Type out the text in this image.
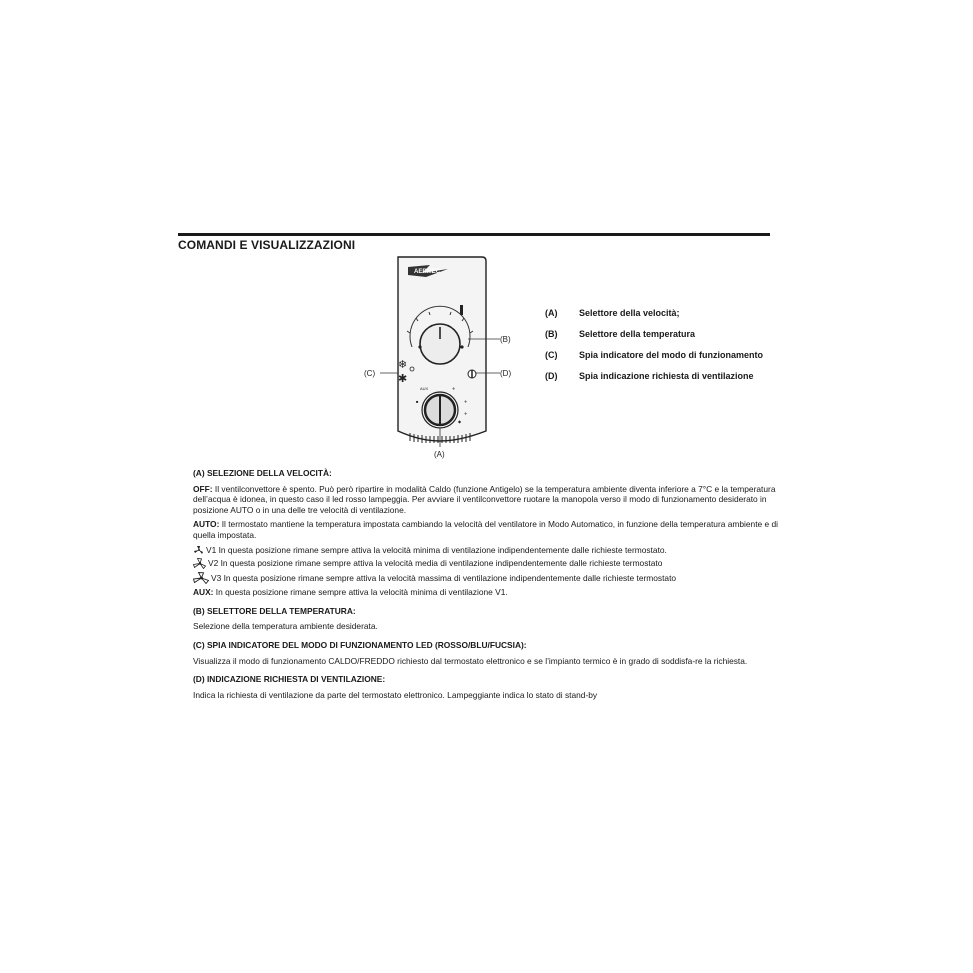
COMANDI E VISUALIZZAZIONI
AERMEC
(B)
❄
✱
(C)	(D)
AUX	✈
✈
✈
■
◆
(A)
(A)	Selettore della velocità;
(B)	Selettore della temperatura
(C)	Spia indicatore del modo di funzionamento
(D)	Spia indicazione richiesta di ventilazione

(A) SELEZIONE DELLA VELOCITÀ:

OFF: Il ventilconvettore è spento. Può però ripartire in modalità Caldo (funzione Antigelo) se la temperatura ambiente diventa inferiore a 7°C e la temperatura dell’acqua è idonea, in questo caso il led rosso lampeggia. Per avviare il ventilconvettore ruotare la manopola verso il modo di funzionamento desiderato in posizione AUTO o in una delle tre velocità di ventilazione.

AUTO: Il termostato mantiene la temperatura impostata cambiando la velocità del ventilatore in Modo Automatico, in funzione della temperatura ambiente e di quella impostata.

V1 In questa posizione rimane sempre attiva la velocità minima di ventilazione indipendentemente dalle richieste termostato.

V2 In questa posizione rimane sempre attiva la velocità media di ventilazione indipendentemente dalle richieste termostato

V3 In questa posizione rimane sempre attiva la velocità massima di ventilazione indipendentemente dalle richieste termostato

AUX: In questa posizione rimane sempre attiva la velocità minima di ventilazione V1.

(B) SELETTORE DELLA TEMPERATURA:

Selezione della temperatura ambiente desiderata.

(C) SPIA INDICATORE DEL MODO DI FUNZIONAMENTO LED (ROSSO/BLU/FUCSIA):

Visualizza il modo di funzionamento CALDO/FREDDO richiesto dal termostato elettronico e se l’impianto termico è in grado di soddisfa-re la richiesta.

(D) INDICAZIONE RICHIESTA DI VENTILAZIONE:

Indica la richiesta di ventilazione da parte del termostato elettronico. Lampeggiante indica lo stato di stand-by
